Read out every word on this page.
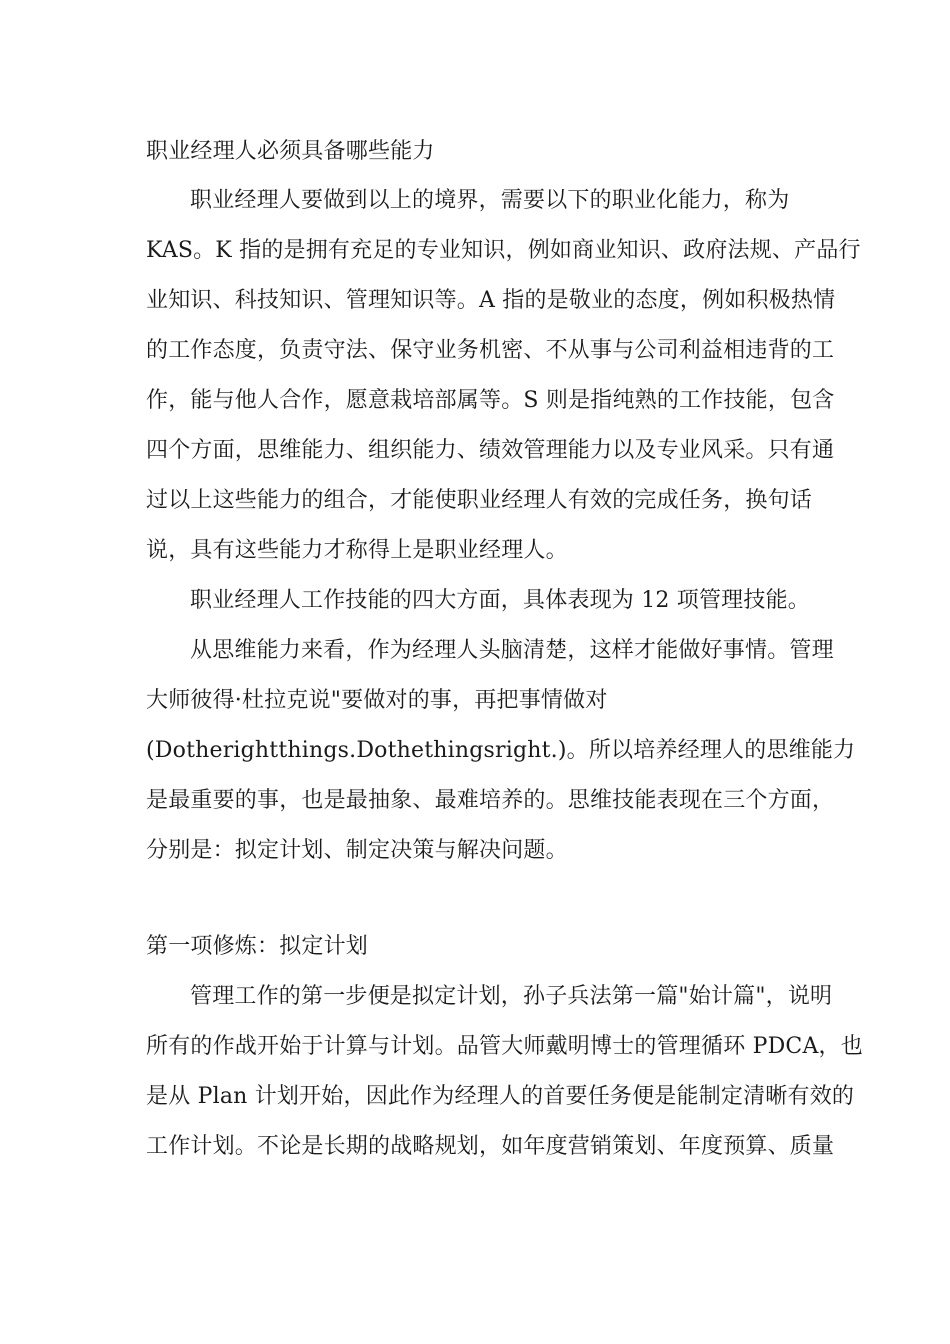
职业经理人必须具备哪些能力

职业经理人要做到以上的境界，需要以下的职业化能力，称为

KAS。K 指的是拥有充足的专业知识，例如商业知识、政府法规、产品行

业知识、科技知识、管理知识等。A 指的是敬业的态度，例如积极热情

的工作态度，负责守法、保守业务机密、不从事与公司利益相违背的工

作，能与他人合作，愿意栽培部属等。S 则是指纯熟的工作技能，包含

四个方面，思维能力、组织能力、绩效管理能力以及专业风采。只有通

过以上这些能力的组合，才能使职业经理人有效的完成任务，换句话

说，具有这些能力才称得上是职业经理人。

职业经理人工作技能的四大方面，具体表现为 12 项管理技能。

从思维能力来看，作为经理人头脑清楚，这样才能做好事情。管理

大师彼得·杜拉克说"要做对的事，再把事情做对

(Dotherightthings.Dothethingsright.)。所以培养经理人的思维能力

是最重要的事，也是最抽象、最难培养的。思维技能表现在三个方面，

分别是：拟定计划、制定决策与解决问题。

第一项修炼：拟定计划

管理工作的第一步便是拟定计划，孙子兵法第一篇"始计篇"，说明

所有的作战开始于计算与计划。品管大师戴明博士的管理循环 PDCA，也

是从 Plan 计划开始，因此作为经理人的首要任务便是能制定清晰有效的

工作计划。不论是长期的战略规划，如年度营销策划、年度预算、质量
